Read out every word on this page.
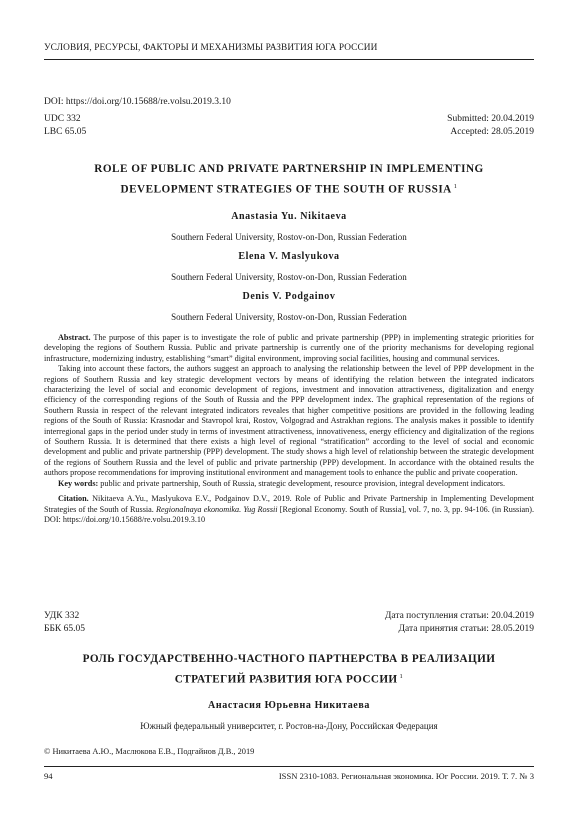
УСЛОВИЯ, РЕСУРСЫ, ФАКТОРЫ И МЕХАНИЗМЫ РАЗВИТИЯ ЮГА РОССИИ
DOI: https://doi.org/10.15688/re.volsu.2019.3.10
UDC 332	Submitted: 20.04.2019
LBC 65.05	Accepted: 28.05.2019
ROLE OF PUBLIC AND PRIVATE PARTNERSHIP IN IMPLEMENTING
DEVELOPMENT STRATEGIES OF THE SOUTH OF RUSSIA $^1$
Anastasia Yu. Nikitaeva
Southern Federal University, Rostov-on-Don, Russian Federation
Elena V. Maslyukova
Southern Federal University, Rostov-on-Don, Russian Federation
Denis V. Podgainov
Southern Federal University, Rostov-on-Don, Russian Federation

Abstract. The purpose of this paper is to investigate the role of public and private partnership (PPP) in implementing strategic priorities for developing the regions of Southern Russia. Public and private partnership is currently one of the priority mechanisms for developing regional infrastructure, modernizing industry, establishing “smart” digital environment, improving social facilities, housing and communal services.

Taking into account these factors, the authors suggest an approach to analysing the relationship between the level of PPP development in the regions of Southern Russia and key strategic development vectors by means of identifying the relation between the integrated indicators characterizing the level of social and economic development of regions, investment and innovation attractiveness, digitalization and energy efficiency of the corresponding regions of the South of Russia and the PPP development index. The graphical representation of the regions of Southern Russia in respect of the relevant integrated indicators reveales that higher competitive positions are provided in the following leading regions of the South of Russia: Krasnodar and Stavropol krai, Rostov, Volgograd and Astrakhan regions. The analysis makes it possible to identify interregional gaps in the period under study in terms of investment attractiveness, innovativeness, energy efficiency and digitalization of the regions of Southern Russia. It is determined that there exists a high level of regional “stratification” according to the level of social and economic development and public and private partnership (PPP) development. The study shows a high level of relationship between the strategic development of the regions of Southern Russia and the level of public and private partnership (PPP) development. In accordance with the obtained results the authors propose recommendations for improving institutional environment and management tools to enhance the public and private cooperation.

Key words: public and private partnership, South of Russia, strategic development, resource provision, integral development indicators.

Citation. Nikitaeva A.Yu., Maslyukova E.V., Podgainov D.V., 2019. Role of Public and Private Partnership in Implementing Development Strategies of the South of Russia. Regionalnaya ekonomika. Yug Rossii [Regional Economy. South of Russia], vol. 7, no. 3, pp. 94-106. (in Russian). DOI: https://doi.org/10.15688/re.volsu.2019.3.10

УДК 332	Дата поступления статьи: 20.04.2019
ББК 65.05	Дата принятия статьи: 28.05.2019
РОЛЬ ГОСУДАРСТВЕННО-ЧАСТНОГО ПАРТНЕРСТВА В РЕАЛИЗАЦИИ
СТРАТЕГИЙ РАЗВИТИЯ ЮГА РОССИИ $^1$
Анастасия Юрьевна Никитаева
Южный федеральный университет, г. Ростов-на-Дону, Российская Федерация
© Никитаева А.Ю., Маслюкова Е.В., Подгайнов Д.В., 2019
94	ISSN 2310-1083. Региональная экономика. Юг России. 2019. Т. 7. № 3
